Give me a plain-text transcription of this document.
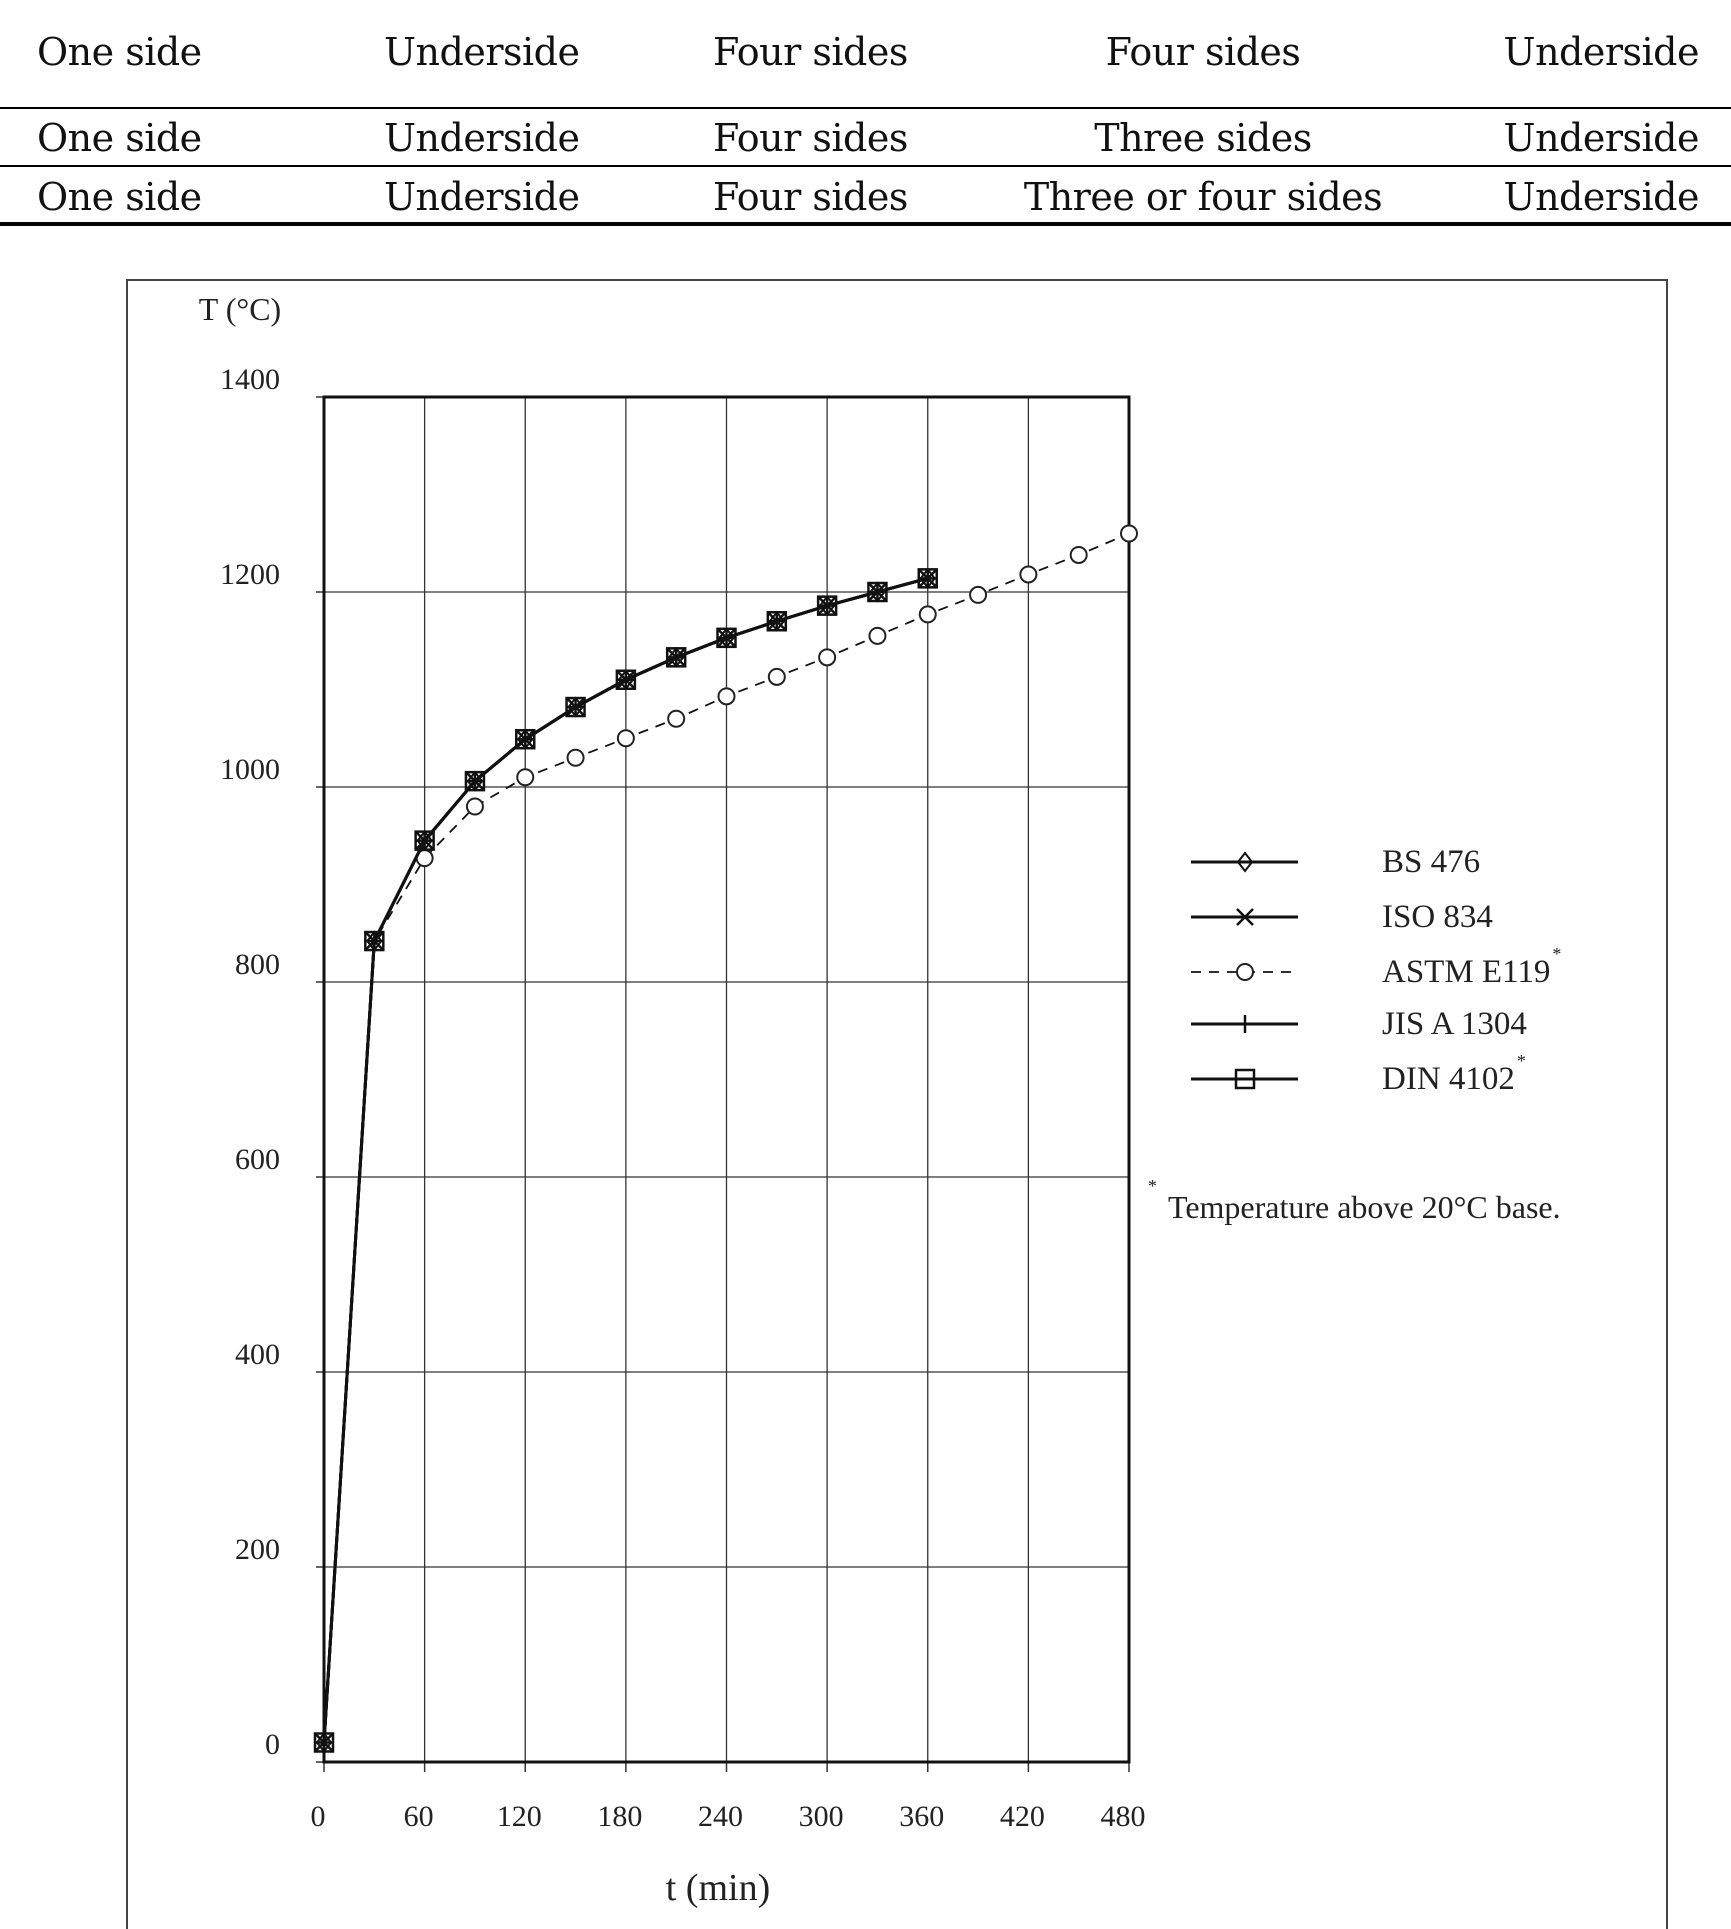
One side	Underside	Four sides	Four sides	Underside
One side	Underside	Four sides	Three sides	Underside
One side	Underside	Four sides	Three or four sides	Underside
0	60 120 180 240 300 360 420 480
0
200
400
600
800
1000
1200
1400
T (°C)
t (min)
BS 476
ISO 834
ASTM E119 *
JIS A 1304
DIN 4102 *
*
Temperature above 20°C base.
